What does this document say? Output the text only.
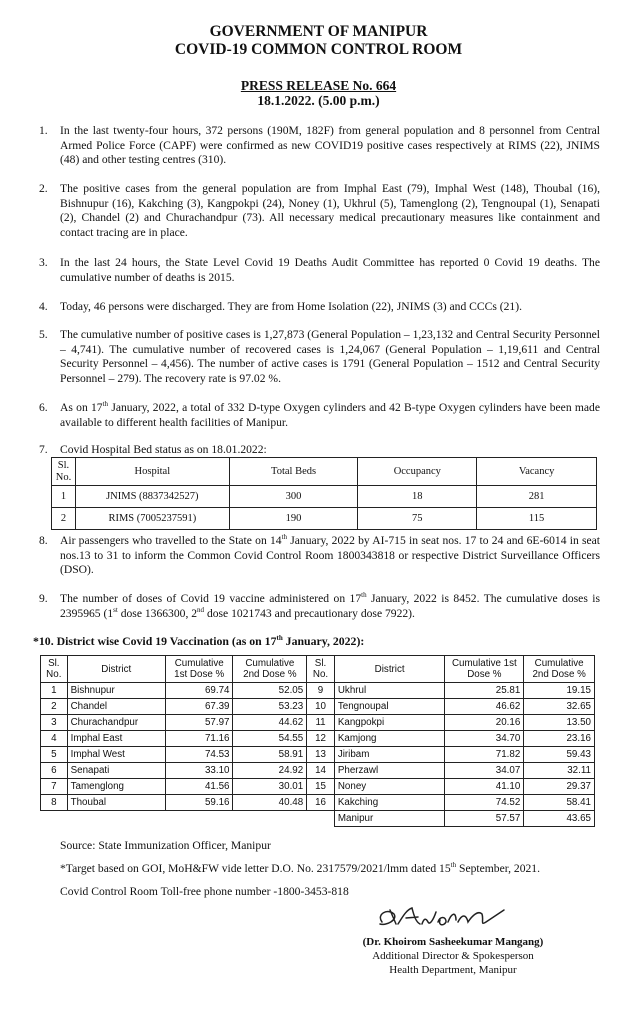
GOVERNMENT OF MANIPUR
COVID-19 COMMON CONTROL ROOM
PRESS RELEASE No. 664
18.1.2022. (5.00 p.m.)
1. In the last twenty-four hours, 372 persons (190M, 182F) from general population and 8 personnel from Central Armed Police Force (CAPF) were confirmed as new COVID19 positive cases respectively at RIMS (22), JNIMS (48) and other testing centres (310).
2. The positive cases from the general population are from Imphal East (79), Imphal West (148), Thoubal (16), Bishnupur (16), Kakching (3), Kangpokpi (24), Noney (1), Ukhrul (5), Tamenglong (2), Tengnoupal (1), Senapati (2), Chandel (2) and Churachandpur (73). All necessary medical precautionary measures like containment and contact tracing are in place.
3. In the last 24 hours, the State Level Covid 19 Deaths Audit Committee has reported 0 Covid 19 deaths. The cumulative number of deaths is 2015.
4. Today, 46 persons were discharged. They are from Home Isolation (22), JNIMS (3) and CCCs (21).
5. The cumulative number of positive cases is 1,27,873 (General Population – 1,23,132 and Central Security Personnel – 4,741). The cumulative number of recovered cases is 1,24,067 (General Population – 1,19,611 and Central Security Personnel – 4,456). The number of active cases is 1791 (General Population – 1512 and Central Security Personnel – 279). The recovery rate is 97.02 %.
6. As on 17th January, 2022, a total of 332 D-type Oxygen cylinders and 42 B-type Oxygen cylinders have been made available to different health facilities of Manipur.
7. Covid Hospital Bed status as on 18.01.2022:
Sl. No.	Hospital	Total Beds	Occupancy	Vacancy
1	JNIMS (8837342527)	300	18	281
2	RIMS (7005237591)	190	75	115
8. Air passengers who travelled to the State on 14th January, 2022 by AI-715 in seat nos. 17 to 24 and 6E-6014 in seat nos.13 to 31 to inform the Common Covid Control Room 1800343818 or respective District Surveillance Officers (DSO).
9. The number of doses of Covid 19 vaccine administered on 17th January, 2022 is 8452. The cumulative doses is 2395965 (1st dose 1366300, 2nd dose 1021743 and precautionary dose 7922).
*10. District wise Covid 19 Vaccination (as on 17th January, 2022):
Sl. No.	District	Cumulative 1st Dose %	Cumulative 2nd Dose %	Sl. No.	District	Cumulative 1st Dose %	Cumulative 2nd Dose %
1	Bishnupur	69.74	52.05	9	Ukhrul	25.81	19.15
2	Chandel	67.39	53.23	10	Tengnoupal	46.62	32.65
3	Churachandpur	57.97	44.62	11	Kangpokpi	20.16	13.50
4	Imphal East	71.16	54.55	12	Kamjong	34.70	23.16
5	Imphal West	74.53	58.91	13	Jiribam	71.82	59.43
6	Senapati	33.10	24.92	14	Pherzawl	34.07	32.11
7	Tamenglong	41.56	30.01	15	Noney	41.10	29.37
8	Thoubal	59.16	40.48	16	Kakching	74.52	58.41
					Manipur	57.57	43.65
Source: State Immunization Officer, Manipur
*Target based on GOI, MoH&FW vide letter D.O. No. 2317579/2021/lmm dated 15th September, 2021.
Covid Control Room Toll-free phone number -1800-3453-818
(Dr. Khoirom Sasheekumar Mangang)
Additional Director & Spokesperson
Health Department, Manipur
